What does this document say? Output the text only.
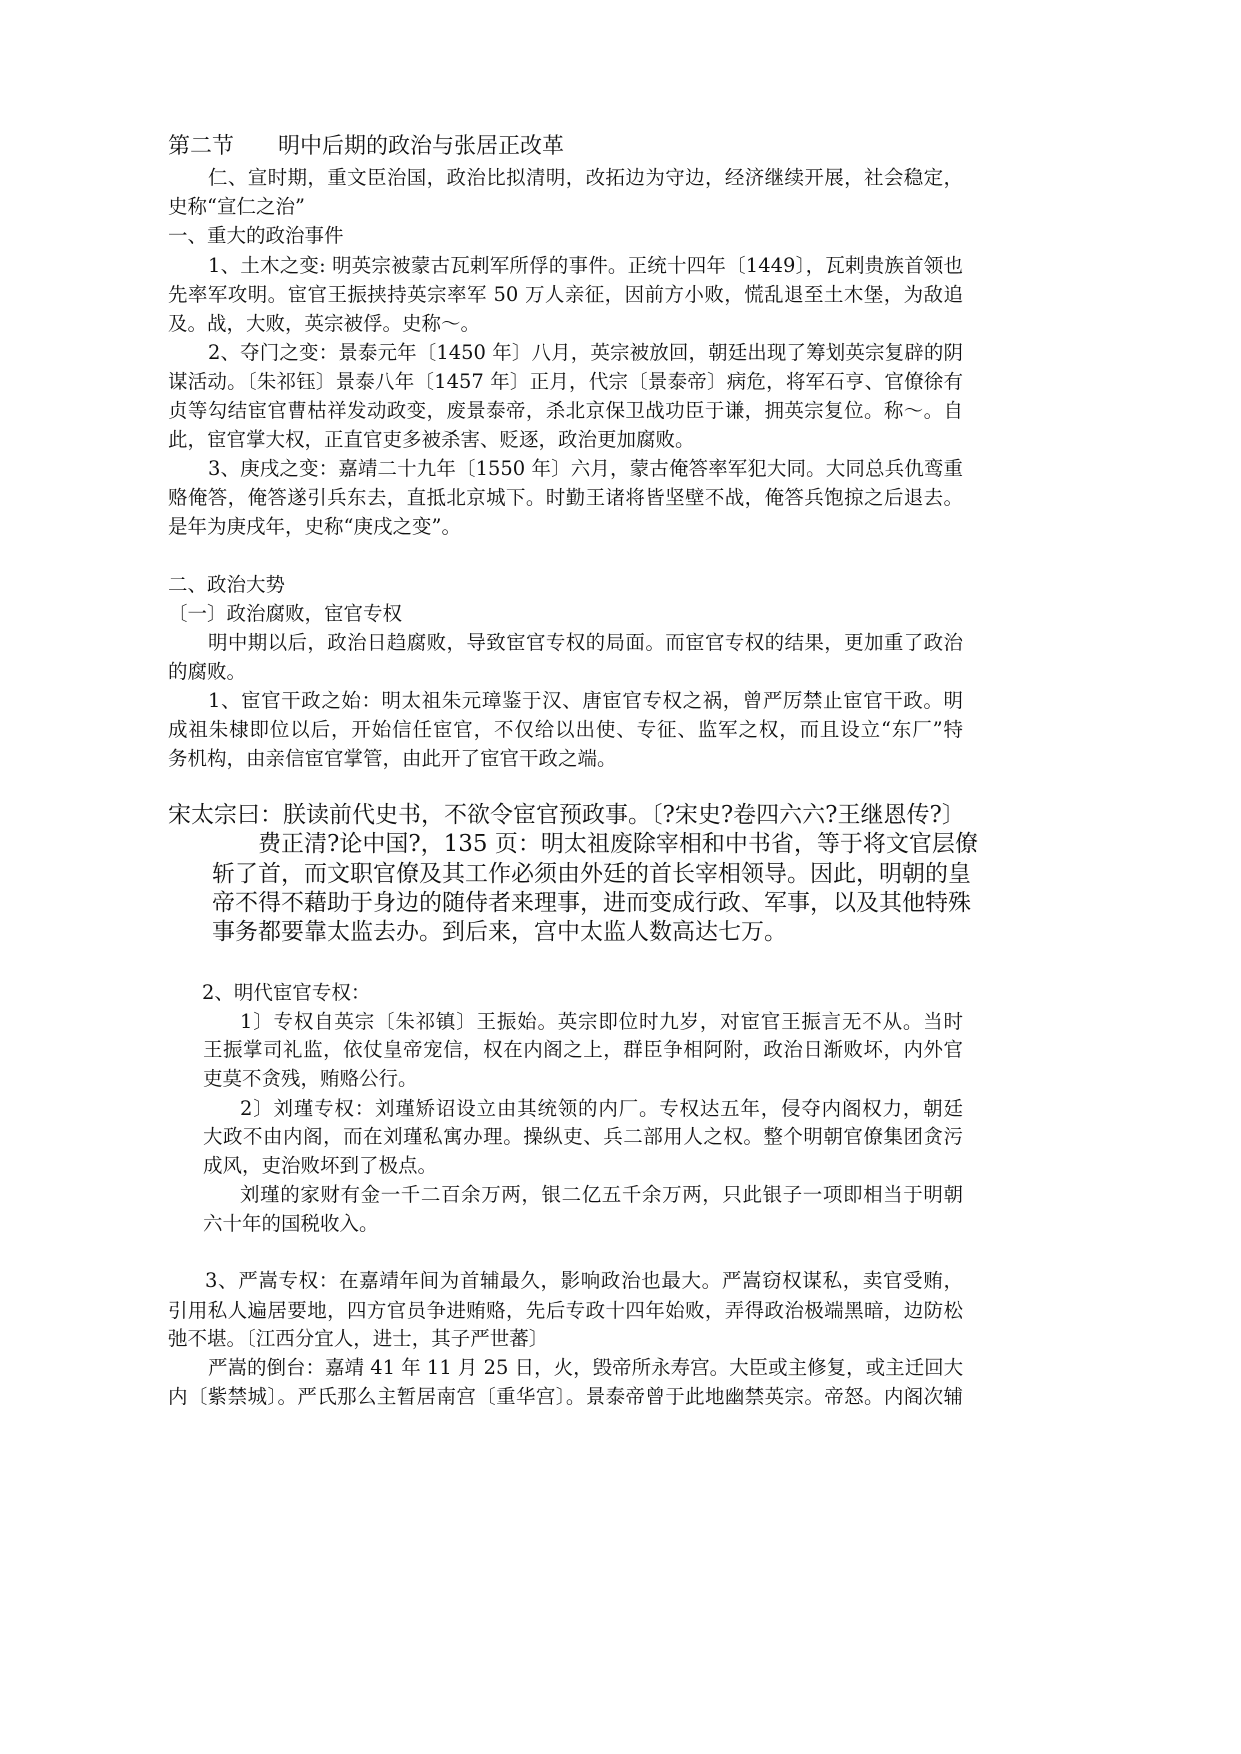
第二节　　明中后期的政治与张居正改革
仁、宣时期，重文臣治国，政治比拟清明，改拓边为守边，经济继续开展，社会稳定，
史称“宣仁之治”
一、重大的政治事件
1、土木之变: 明英宗被蒙古瓦剌军所俘的事件。正统十四年〔1449〕，瓦剌贵族首领也
先率军攻明。宦官王振挟持英宗率军 50 万人亲征，因前方小败，慌乱退至土木堡，为敌追
及。战，大败，英宗被俘。史称～。
2、夺门之变：景泰元年〔1450 年〕八月，英宗被放回，朝廷出现了筹划英宗复辟的阴
谋活动。〔朱祁钰〕景泰八年〔1457 年〕正月，代宗〔景泰帝〕病危，将军石亨、官僚徐有
贞等勾结宦官曹枯祥发动政变，废景泰帝，杀北京保卫战功臣于谦，拥英宗复位。称～。自
此，宦官掌大权，正直官吏多被杀害、贬逐，政治更加腐败。
3、庚戌之变：嘉靖二十九年〔1550 年〕六月，蒙古俺答率军犯大同。大同总兵仇鸾重
赂俺答，俺答遂引兵东去，直抵北京城下。时勤王诸将皆坚壁不战，俺答兵饱掠之后退去。
是年为庚戌年，史称“庚戌之变”。
二、政治大势
〔一〕政治腐败，宦官专权
明中期以后，政治日趋腐败，导致宦官专权的局面。而宦官专权的结果，更加重了政治
的腐败。
1、宦官干政之始：明太祖朱元璋鉴于汉、唐宦官专权之祸，曾严厉禁止宦官干政。明
成祖朱棣即位以后，开始信任宦官，不仅给以出使、专征、监军之权，而且设立“东厂”特
务机构，由亲信宦官掌管，由此开了宦官干政之端。
宋太宗曰：朕读前代史书，不欲令宦官预政事。〔?宋史?卷四六六?王继恩传?〕
费正清?论中国?，135 页：明太祖废除宰相和中书省，等于将文官层僚
斩了首，而文职官僚及其工作必须由外廷的首长宰相领导。因此，明朝的皇
帝不得不藉助于身边的随侍者来理事，进而变成行政、军事，以及其他特殊
事务都要靠太监去办。到后来，宫中太监人数高达七万。
2、明代宦官专权：
1〕专权自英宗〔朱祁镇〕王振始。英宗即位时九岁，对宦官王振言无不从。当时
王振掌司礼监，依仗皇帝宠信，权在内阁之上，群臣争相阿附，政治日渐败坏，内外官
吏莫不贪残，贿赂公行。
2〕刘瑾专权：刘瑾矫诏设立由其统领的内厂。专权达五年，侵夺内阁权力，朝廷
大政不由内阁，而在刘瑾私寓办理。操纵吏、兵二部用人之权。整个明朝官僚集团贪污
成风，吏治败坏到了极点。
刘瑾的家财有金一千二百余万两，银二亿五千余万两，只此银子一项即相当于明朝
六十年的国税收入。
3、严嵩专权：在嘉靖年间为首辅最久，影响政治也最大。严嵩窃权谋私，卖官受贿，
引用私人遍居要地，四方官员争进贿赂，先后专政十四年始败，弄得政治极端黑暗，边防松
弛不堪。〔江西分宜人，进士，其子严世蕃〕
严嵩的倒台：嘉靖 41 年 11 月 25 日，火，毁帝所永寿宫。大臣或主修复，或主迁回大
内〔紫禁城〕。严氏那么主暂居南宫〔重华宫〕。景泰帝曾于此地幽禁英宗。帝怒。内阁次辅
